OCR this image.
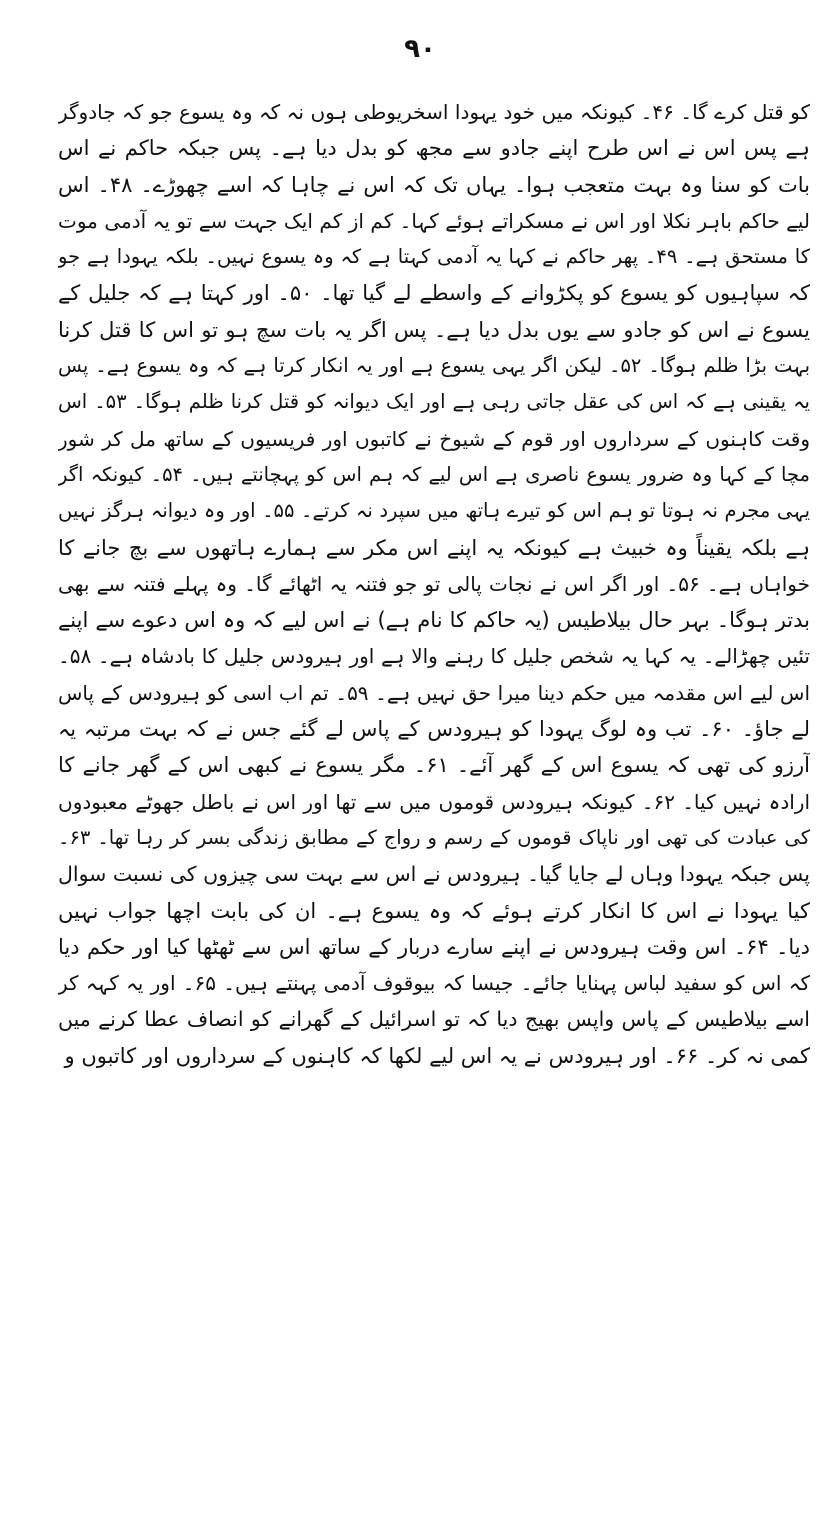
۹۰
کو قتل کرے گا۔ ۴۶۔ کیونکہ میں خود یہودا اسخریوطی ہوں نہ کہ وہ یسوع جو کہ جادوگر
ہے پس اس نے اس طرح اپنے جادو سے مجھ کو بدل دیا ہے۔ پس جبکہ حاکم نے اس
بات کو سنا وہ بہت متعجب ہوا۔ یہاں تک کہ اس نے چاہا کہ اسے چھوڑے۔ ۴۸۔ اس
لیے حاکم باہر نکلا اور اس نے مسکراتے ہوئے کہا۔ کم از کم ایک جہت سے تو یہ آدمی موت
کا مستحق ہے۔ ۴۹۔ پھر حاکم نے کہا یہ آدمی کہتا ہے کہ وہ یسوع نہیں۔ بلکہ یہودا ہے جو
کہ سپاہیوں کو یسوع کو پکڑوانے کے واسطے لے گیا تھا۔ ۵۰۔ اور کہتا ہے کہ جلیل کے
یسوع نے اس کو جادو سے یوں بدل دیا ہے۔ پس اگر یہ بات سچ ہو تو اس کا قتل کرنا
بہت بڑا ظلم ہوگا۔ ۵۲۔ لیکن اگر یہی یسوع ہے اور یہ انکار کرتا ہے کہ وہ یسوع ہے۔ پس
یہ یقینی ہے کہ اس کی عقل جاتی رہی ہے اور ایک دیوانہ کو قتل کرنا ظلم ہوگا۔ ۵۳۔ اس
وقت کاہنوں کے سرداروں اور قوم کے شیوخ نے کاتبوں اور فریسیوں کے ساتھ مل کر شور
مچا کے کہا وہ ضرور یسوع ناصری ہے اس لیے کہ ہم اس کو پہچانتے ہیں۔ ۵۴۔ کیونکہ اگر
یہی مجرم نہ ہوتا تو ہم اس کو تیرے ہاتھ میں سپرد نہ کرتے۔ ۵۵۔ اور وہ دیوانہ ہرگز نہیں
ہے بلکہ یقیناً وہ خبیث ہے کیونکہ یہ اپنے اس مکر سے ہمارے ہاتھوں سے بچ جانے کا
خواہاں ہے۔ ۵۶۔ اور اگر اس نے نجات پالی تو جو فتنہ یہ اٹھائے گا۔ وہ پہلے فتنہ سے بھی
بدتر ہوگا۔ بہر حال بیلاطیس (یہ حاکم کا نام ہے) نے اس لیے کہ وہ اس دعوے سے اپنے
تئیں چھڑالے۔ یہ کہا یہ شخص جلیل کا رہنے والا ہے اور ہیرودس جلیل کا بادشاہ ہے۔ ۵۸۔
اس لیے اس مقدمہ میں حکم دینا میرا حق نہیں ہے۔ ۵۹۔ تم اب اسی کو ہیرودس کے پاس
لے جاؤ۔ ۶۰۔ تب وہ لوگ یہودا کو ہیرودس کے پاس لے گئے جس نے کہ بہت مرتبہ یہ
آرزو کی تھی کہ یسوع اس کے گھر آئے۔ ۶۱۔ مگر یسوع نے کبھی اس کے گھر جانے کا
ارادہ نہیں کیا۔ ۶۲۔ کیونکہ ہیرودس قوموں میں سے تھا اور اس نے باطل جھوٹے معبودوں
کی عبادت کی تھی اور ناپاک قوموں کے رسم و رواج کے مطابق زندگی بسر کر رہا تھا۔ ۶۳۔
پس جبکہ یہودا وہاں لے جایا گیا۔ ہیرودس نے اس سے بہت سی چیزوں کی نسبت سوال
کیا یہودا نے اس کا انکار کرتے ہوئے کہ وہ یسوع ہے۔ ان کی بابت اچھا جواب نہیں
دیا۔ ۶۴۔ اس وقت ہیرودس نے اپنے سارے دربار کے ساتھ اس سے ٹھٹھا کیا اور حکم دیا
کہ اس کو سفید لباس پہنایا جائے۔ جیسا کہ بیوقوف آدمی پہنتے ہیں۔ ۶۵۔ اور یہ کہہ کر
اسے بیلاطیس کے پاس واپس بھیج دیا کہ تو اسرائیل کے گھرانے کو انصاف عطا کرنے میں
کمی نہ کر۔ ۶۶۔ اور ہیرودس نے یہ اس لیے لکھا کہ کاہنوں کے سرداروں اور کاتبوں و
